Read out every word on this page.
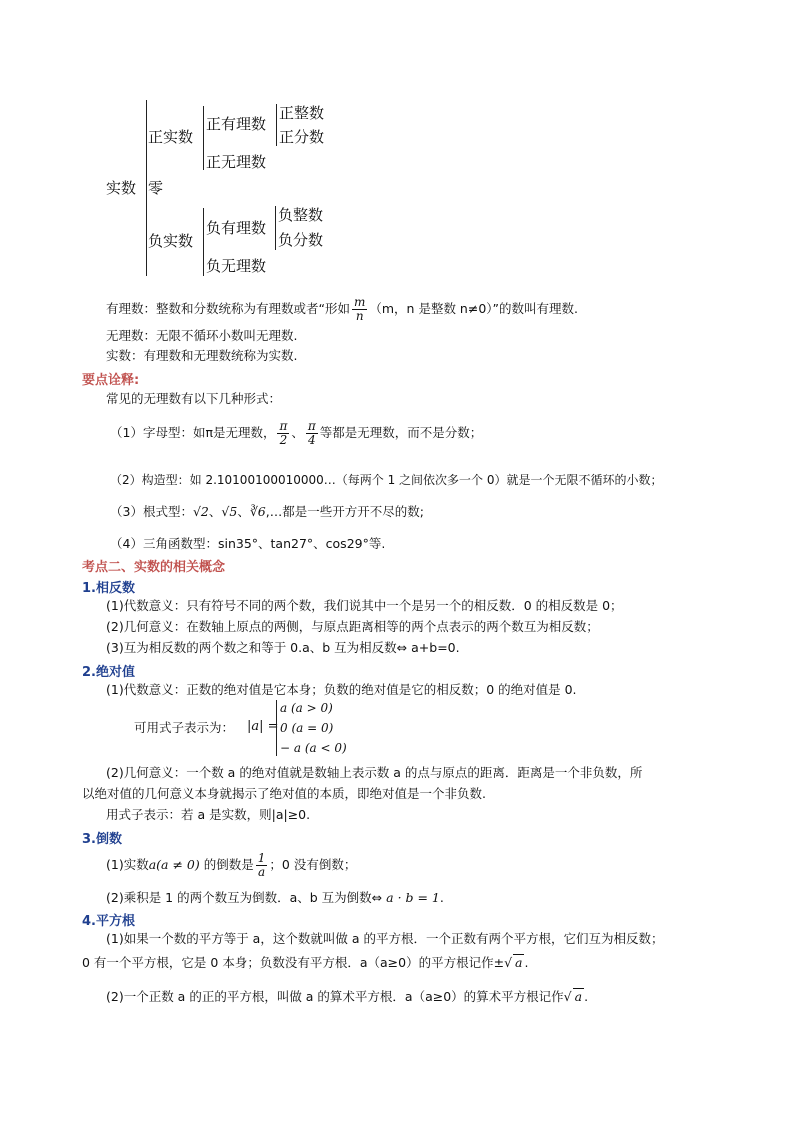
实数
正实数
零
负实数
正有理数
正无理数
正整数
正分数
负有理数
负无理数
负整数
负分数
有理数：整数和分数统称为有理数或者“形如 $\frac{m}{n} (m$，n 是整数 n≠0）”的数叫有理数.
无理数：无限不循环小数叫无理数.
实数：有理数和无理数统称为实数.
要点诠释:
常见的无理数有以下几种形式：
（1）字母型：如π是无理数， $\frac{\pi}{2}$ 、 $\frac{\pi}{4}$ 等都是无理数，而不是分数；
（2）构造型：如 2.10100100010000…（每两个 1 之间依次多一个 0）就是一个无限不循环的小数；
（3）根式型：√2、√5、∛6,…都是一些开方开不尽的数;
（4）三角函数型：sin35°、tan27°、cos29°等.
考点二、实数的相关概念
1.相反数
(1)代数意义：只有符号不同的两个数，我们说其中一个是另一个的相反数．0 的相反数是 0；
(2)几何意义：在数轴上原点的两侧，与原点距离相等的两个点表示的两个数互为相反数；
(3)互为相反数的两个数之和等于 0.a、b 互为相反数⇔ a+b=0.
2.绝对值
(1)代数意义：正数的绝对值是它本身；负数的绝对值是它的相反数；0 的绝对值是 0.
可用式子表示为： |a| =
a (a > 0)
0 (a = 0)
− a (a < 0)
(2)几何意义：一个数 a 的绝对值就是数轴上表示数 a 的点与原点的距离．距离是一个非负数，所
以绝对值的几何意义本身就揭示了绝对值的本质，即绝对值是一个非负数.
用式子表示：若 a 是实数，则|a|≥0.
3.倒数
(1)实数a(a ≠ 0) 的倒数是 $\frac{1}{a}$ ；0 没有倒数；
(2)乘积是 1 的两个数互为倒数．a、b 互为倒数⇔ a · b = 1.
4.平方根
(1)如果一个数的平方等于 a，这个数就叫做 a 的平方根．一个正数有两个平方根，它们互为相反数；
0 有一个平方根，它是 0 本身；负数没有平方根．a（a≥0）的平方根记作±√ a .
(2)一个正数 a 的正的平方根，叫做 a 的算术平方根．a（a≥0）的算术平方根记作√ a .
